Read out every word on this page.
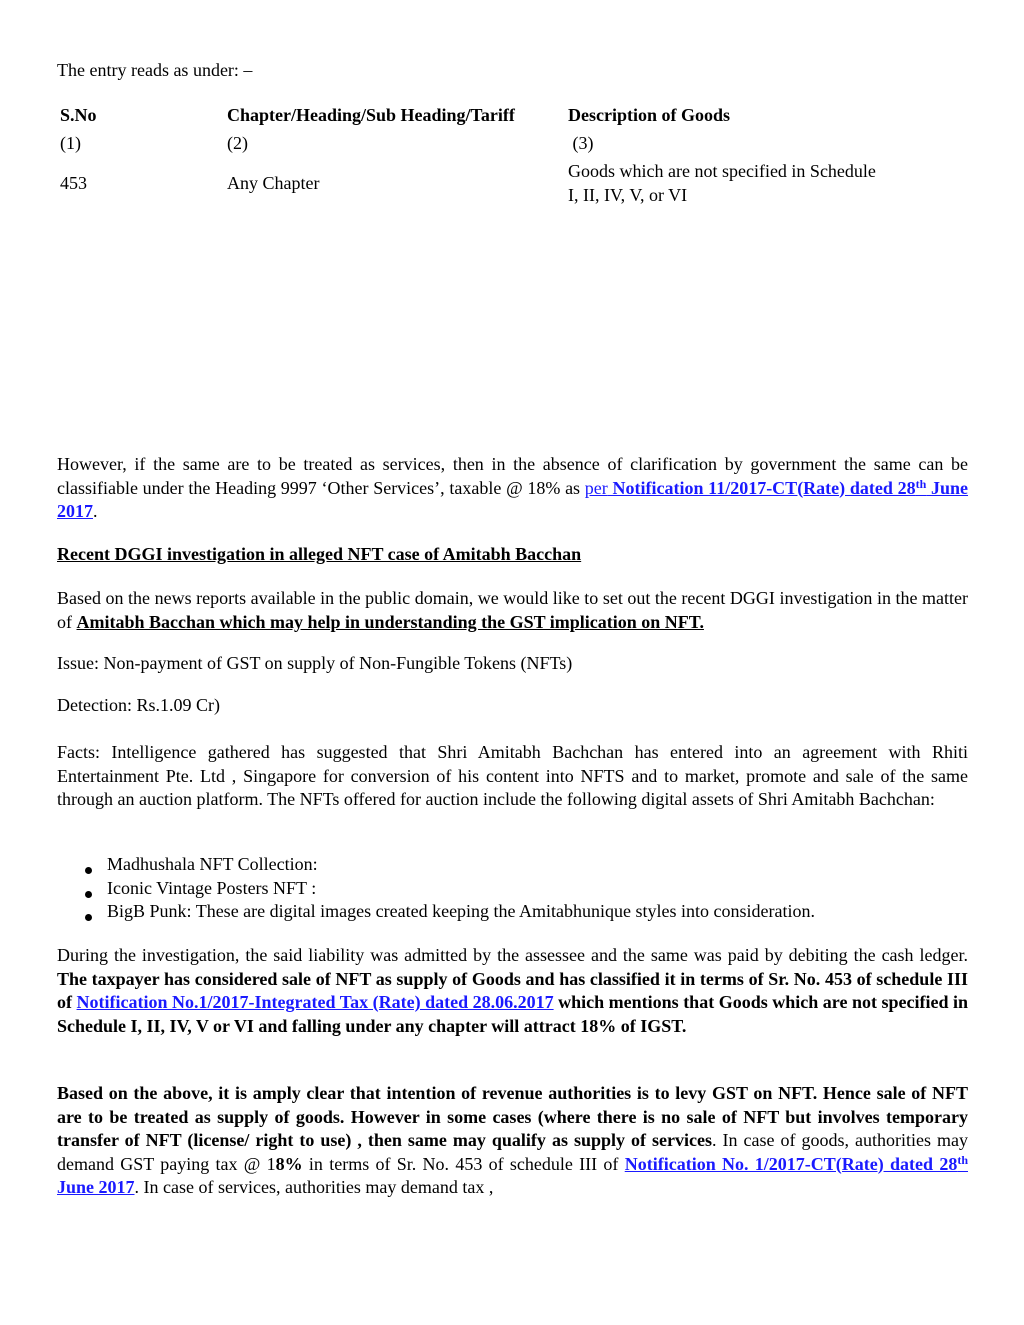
The entry reads as under: –
S.No	Chapter/Heading/Sub Heading/Tariff	Description of Goods
(1)	(2)	(3)
453	Any Chapter	Goods which are not specified in Schedule
I, II, IV, V, or VI
However, if the same are to be treated as services, then in the absence of clarification by government the same can be classifiable under the Heading 9997 ‘Other Services’, taxable @ 18% as per Notification 11/2017-CT(Rate) dated 28th June 2017.
Recent DGGI investigation in alleged NFT case of Amitabh Bacchan
Based on the news reports available in the public domain, we would like to set out the recent DGGI investigation in the matter of Amitabh Bacchan which may help in understanding the GST implication on NFT.
Issue: Non-payment of GST on supply of Non-Fungible Tokens (NFTs)
Detection: Rs.1.09 Cr)
Facts: Intelligence gathered has suggested that Shri Amitabh Bachchan has entered into an agreement with Rhiti Entertainment Pte. Ltd , Singapore for conversion of his content into NFTS and to market, promote and sale of the same through an auction platform. The NFTs offered for auction include the following digital assets of Shri Amitabh Bachchan:
Madhushala NFT Collection:
Iconic Vintage Posters NFT :
BigB Punk: These are digital images created keeping the Amitabhunique styles into consideration.
During the investigation, the said liability was admitted by the assessee and the same was paid by debiting the cash ledger. The taxpayer has considered sale of NFT as supply of Goods and has classified it in terms of Sr. No. 453 of schedule III of Notification No.1/2017-Integrated Tax (Rate) dated 28.06.2017 which mentions that Goods which are not specified in Schedule I, II, IV, V or VI and falling under any chapter will attract 18% of IGST.
Based on the above, it is amply clear that intention of revenue authorities is to levy GST on NFT. Hence sale of NFT are to be treated as supply of goods. However in some cases (where there is no sale of NFT but involves temporary transfer of NFT (license/ right to use) , then same may qualify as supply of services. In case of goods, authorities may demand GST paying tax @ 18% in terms of Sr. No. 453 of schedule III of Notification No. 1/2017-CT(Rate) dated 28th June 2017. In case of services, authorities may demand tax ,
